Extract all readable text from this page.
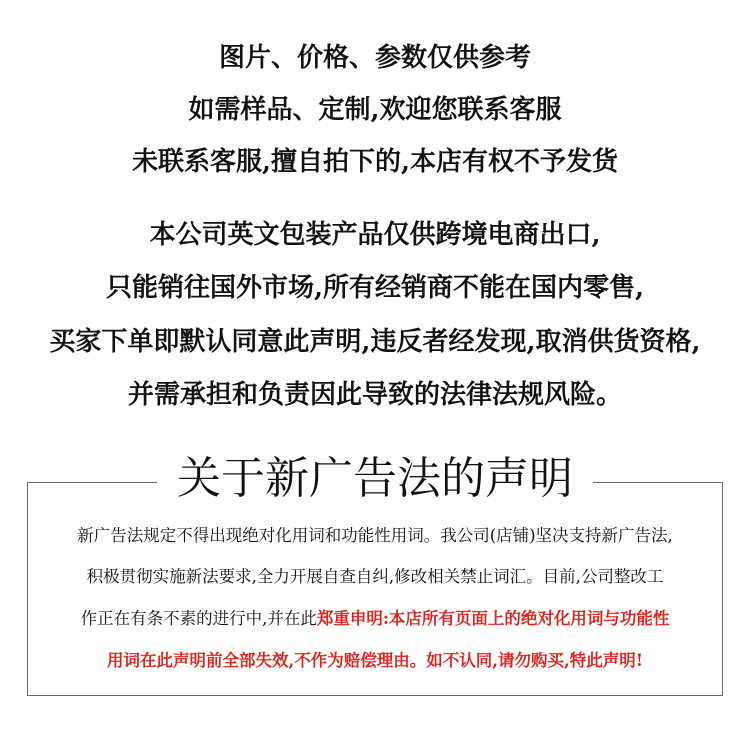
图片、价格、参数仅供参考
如需样品、定制,欢迎您联系客服
未联系客服,擅自拍下的,本店有权不予发货
本公司英文包装产品仅供跨境电商出口,
只能销往国外市场,所有经销商不能在国内零售,
买家下单即默认同意此声明,违反者经发现,取消供货资格,
并需承担和负责因此导致的法律法规风险。
关于新广告法的声明
新广告法规定不得出现绝对化用词和功能性用词。我公司(店铺)坚决支持新广告法,
积极贯彻实施新法要求,全力开展自查自纠,修改相关禁止词汇。目前,公司整改工
作正在有条不素的进行中,并在此郑重申明:本店所有页面上的绝对化用词与功能性
用词在此声明前全部失效,不作为赔偿理由。如不认同,请勿购买,特此声明!
